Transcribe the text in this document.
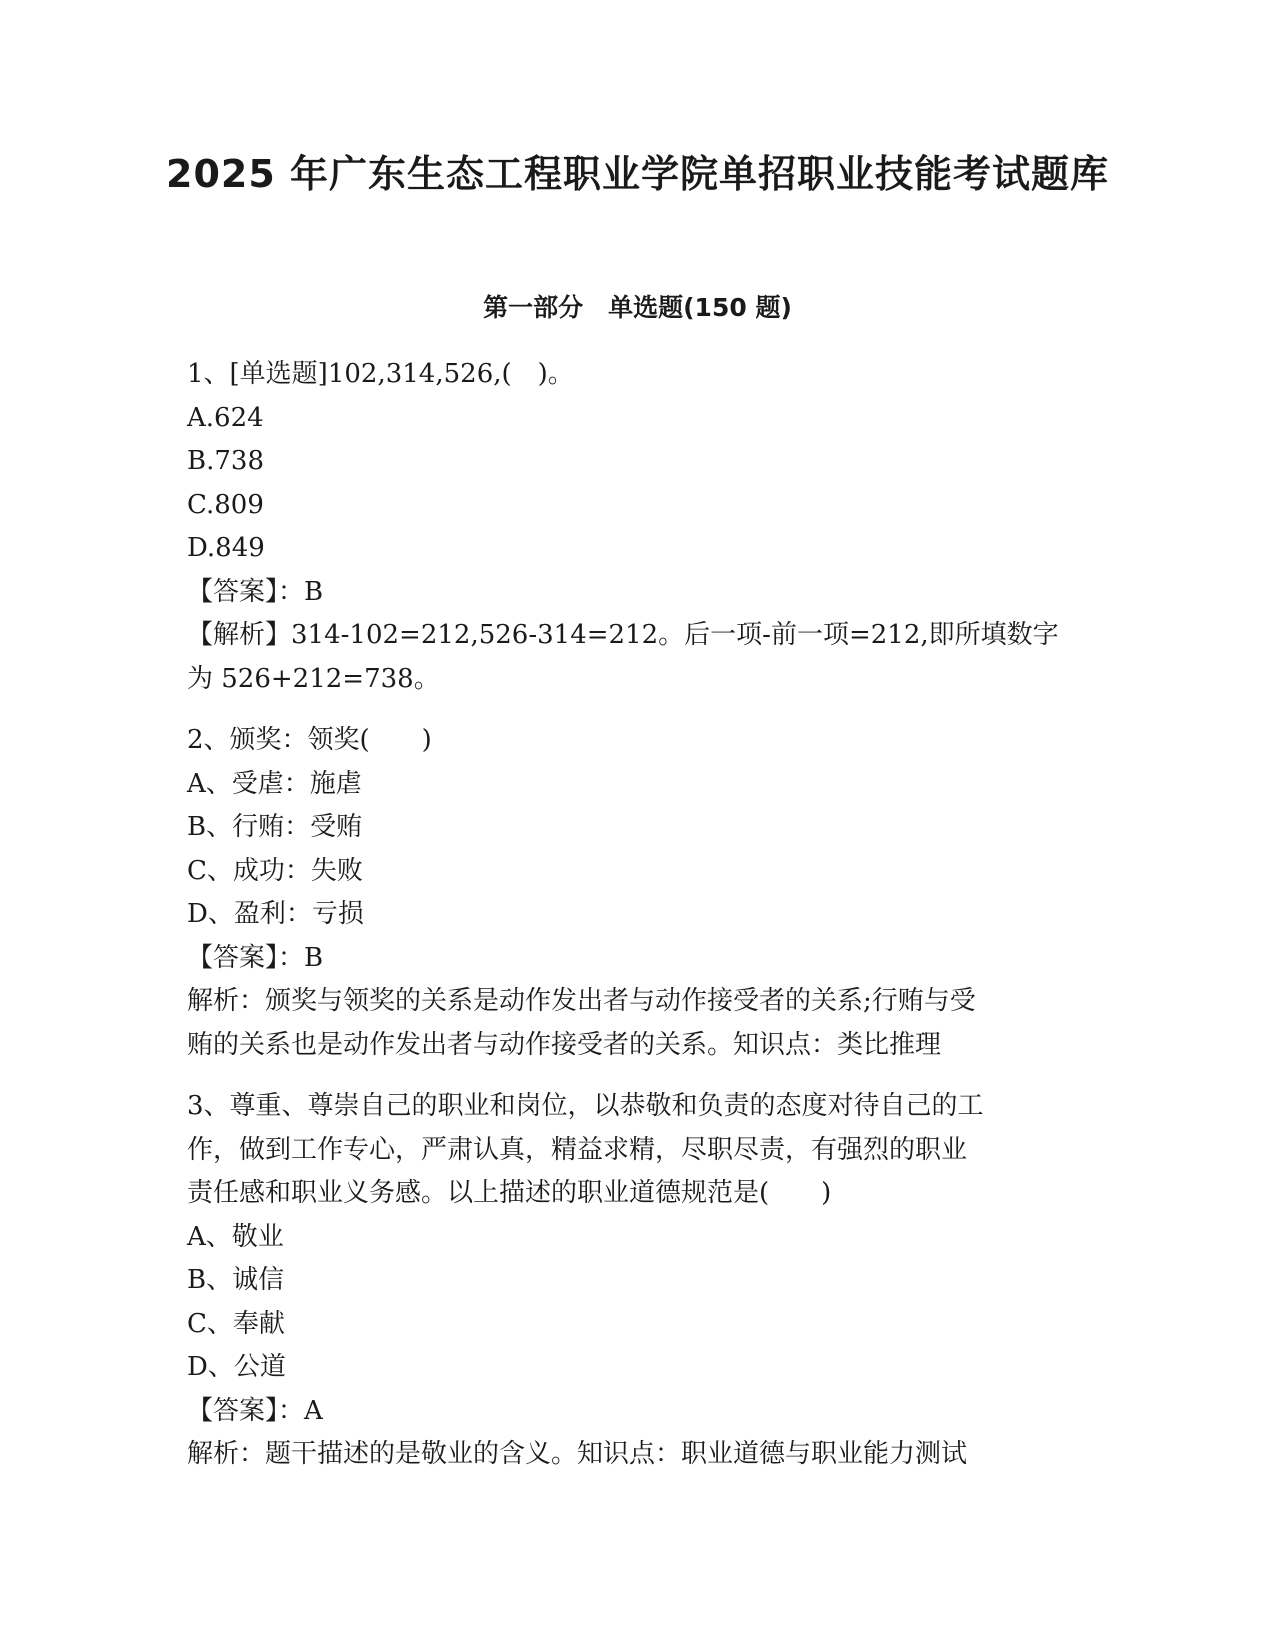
2025 年广东生态工程职业学院单招职业技能考试题库
第一部分　单选题(150 题)

1、[单选题]102,314,526,(　)。

A.624

B.738

C.809

D.849

【答案】：B

【解析】314-102=212,526-314=212。后一项-前一项=212,即所填数字

为 526+212=738。

2、颁奖：领奖(　　)

A、受虐：施虐

B、行贿：受贿

C、成功：失败

D、盈利：亏损

【答案】：B

解析：颁奖与领奖的关系是动作发出者与动作接受者的关系;行贿与受

贿的关系也是动作发出者与动作接受者的关系。知识点：类比推理

3、尊重、尊崇自己的职业和岗位，以恭敬和负责的态度对待自己的工

作，做到工作专心，严肃认真，精益求精，尽职尽责，有强烈的职业

责任感和职业义务感。以上描述的职业道德规范是(　　)

A、敬业

B、诚信

C、奉献

D、公道

【答案】：A

解析：题干描述的是敬业的含义。知识点：职业道德与职业能力测试
